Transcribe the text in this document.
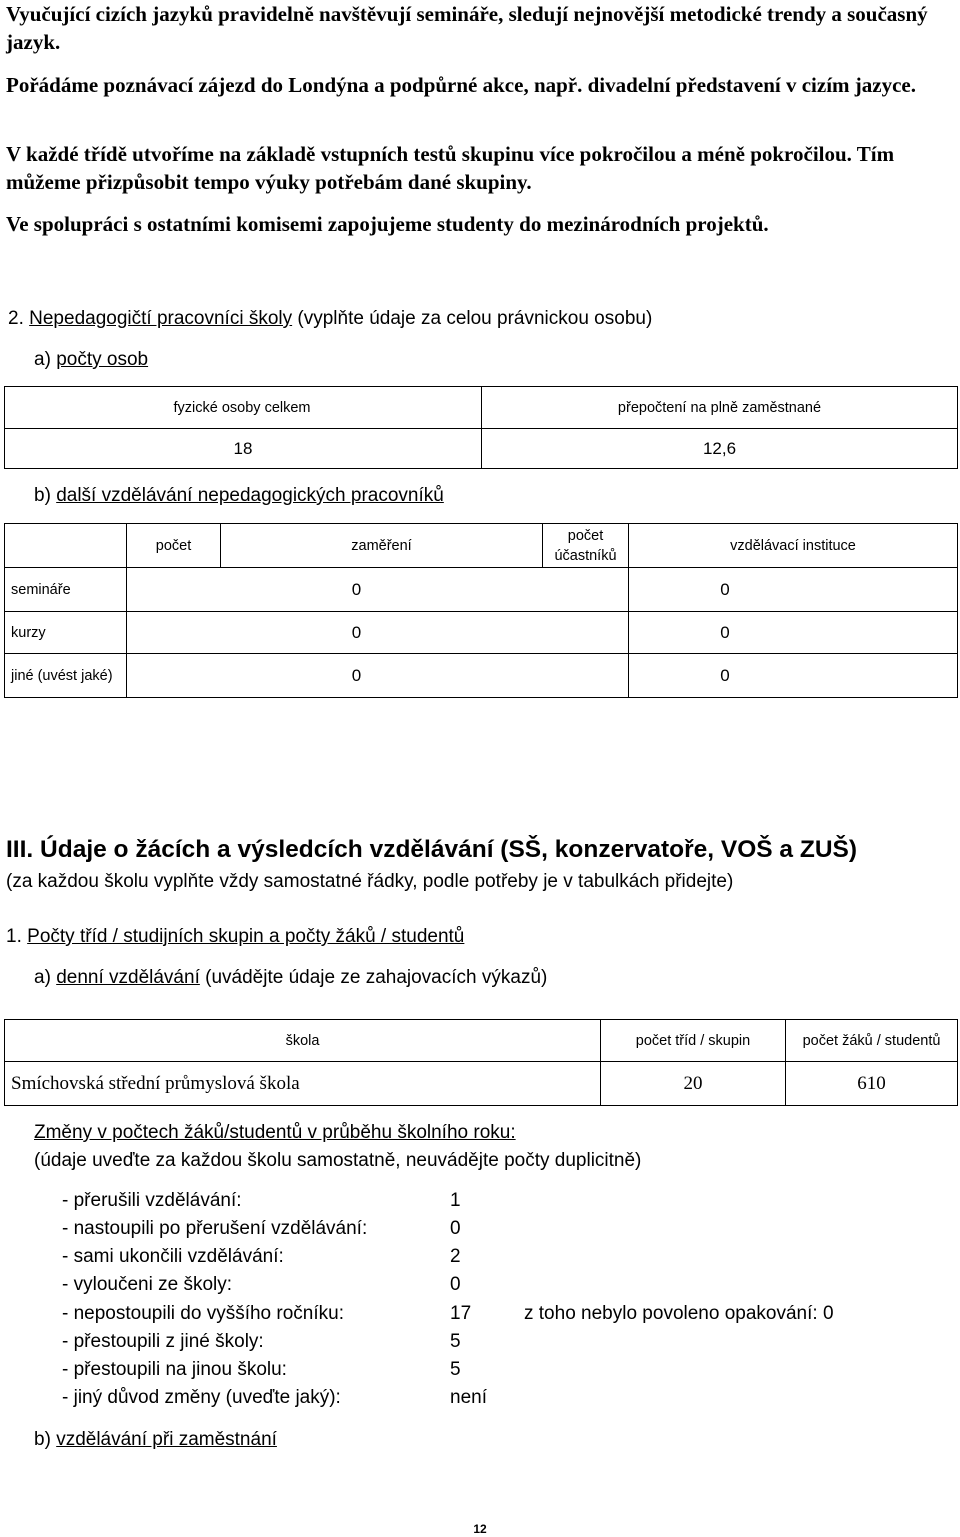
Vyučující cizích jazyků pravidelně navštěvují semináře, sledují nejnovější metodické trendy a současný jazyk.
Pořádáme poznávací zájezd do Londýna a podpůrné akce, např. divadelní představení v cizím jazyce.
V každé třídě utvoříme na základě vstupních testů skupinu více pokročilou a méně pokročilou. Tím můžeme přizpůsobit tempo výuky potřebám dané skupiny.
Ve spolupráci s ostatními komisemi zapojujeme studenty do mezinárodních projektů.
2. Nepedagogičtí pracovníci školy (vyplňte údaje za celou právnickou osobu)
a) počty osob
fyzické osoby celkem	přepočtení na plně zaměstnané
18	12,6
b) další vzdělávání nepedagogických pracovníků
	počet	zaměření	počet účastníků	vzdělávací instituce
semináře	0			0
kurzy	0			0
jiné (uvést jaké)	0			0
III. Údaje o žácích a výsledcích vzdělávání (SŠ, konzervatoře, VOŠ a ZUŠ)
(za každou školu vyplňte vždy samostatné řádky, podle potřeby je v tabulkách přidejte)
1. Počty tříd / studijních skupin a počty žáků / studentů
a) denní vzdělávání (uvádějte údaje ze zahajovacích výkazů)
škola	počet tříd / skupin	počet žáků / studentů
Smíchovská střední průmyslová škola	20	610
Změny v počtech žáků/studentů v průběhu školního roku:
(údaje uveďte za každou školu samostatně, neuvádějte počty duplicitně)
- přerušili vzdělávání:	1
- nastoupili po přerušení vzdělávání:	0
- sami ukončili vzdělávání:	2
- vyloučeni ze školy:	0
- nepostoupili do vyššího ročníku:	17	z toho nebylo povoleno opakování: 0
- přestoupili z jiné školy:	5
- přestoupili na jinou školu:	5
- jiný důvod změny (uveďte jaký):	není
b) vzdělávání při zaměstnání
12
